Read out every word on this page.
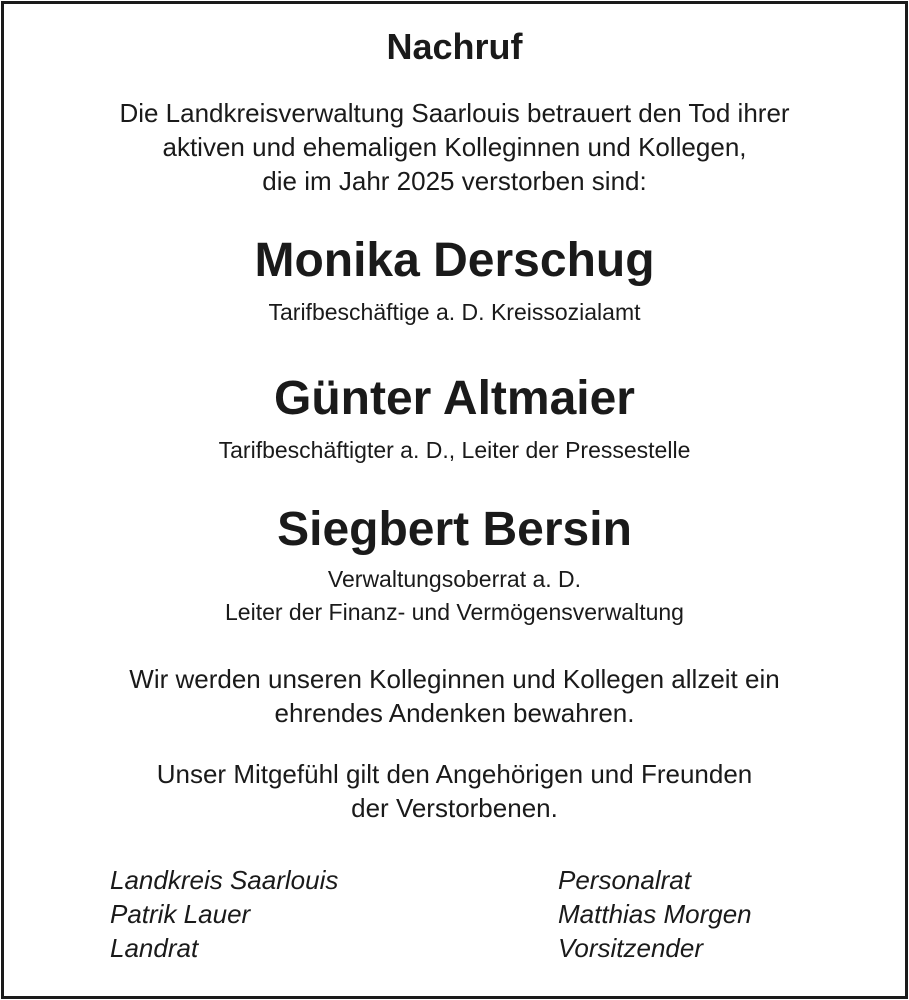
Nachruf
Die Landkreisverwaltung Saarlouis betrauert den Tod ihrer
aktiven und ehemaligen Kolleginnen und Kollegen,
die im Jahr 2025 verstorben sind:
Monika Derschug
Tarifbeschäftige a. D. Kreissozialamt
Günter Altmaier
Tarifbeschäftigter a. D., Leiter der Pressestelle
Siegbert Bersin
Verwaltungsoberrat a. D.
Leiter der Finanz- und Vermögensverwaltung
Wir werden unseren Kolleginnen und Kollegen allzeit ein
ehrendes Andenken bewahren.
Unser Mitgefühl gilt den Angehörigen und Freunden
der Verstorbenen.
Landkreis Saarlouis
Patrik Lauer
Landrat
Personalrat
Matthias Morgen
Vorsitzender
